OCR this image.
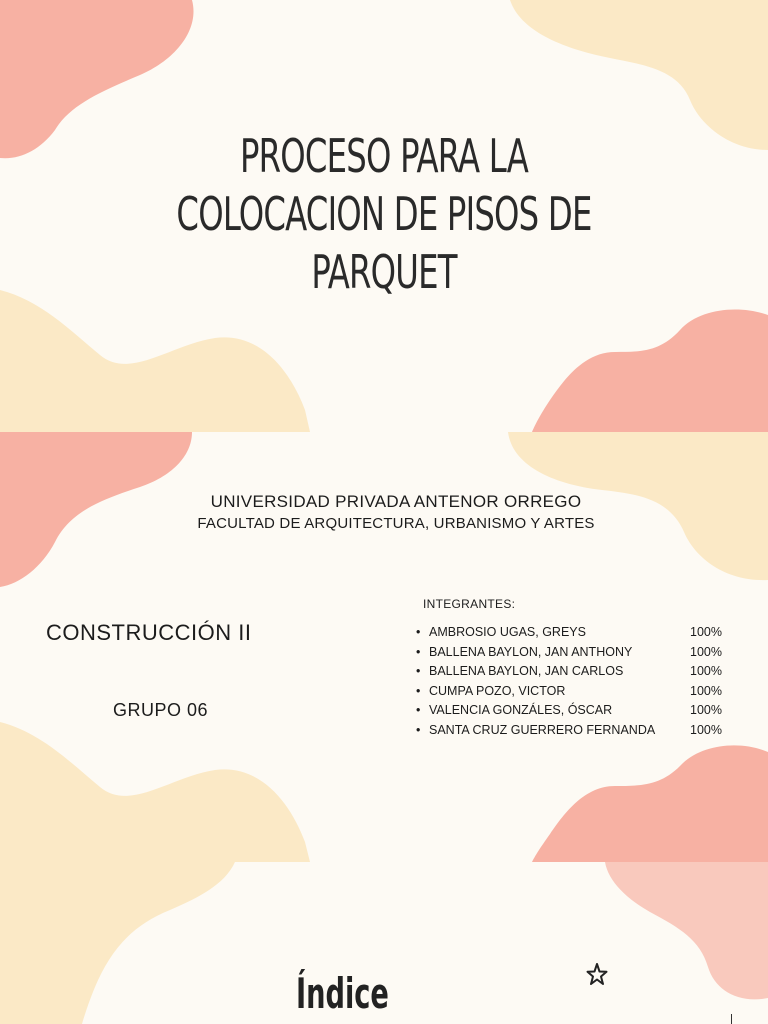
PROCESO PARA LA
COLOCACION DE PISOS DE
PARQUET
UNIVERSIDAD PRIVADA ANTENOR ORREGO
FACULTAD DE ARQUITECTURA, URBANISMO Y ARTES
CONSTRUCCIÓN II
GRUPO 06
INTEGRANTES:
• AMBROSIO UGAS, GREYS	100%
• BALLENA BAYLON, JAN ANTHONY	100%
• BALLENA BAYLON, JAN CARLOS	100%
• CUMPA POZO, VICTOR	100%
• VALENCIA GONZÁLES, ÓSCAR	100%
• SANTA CRUZ GUERRERO FERNANDA	100%
Índice
